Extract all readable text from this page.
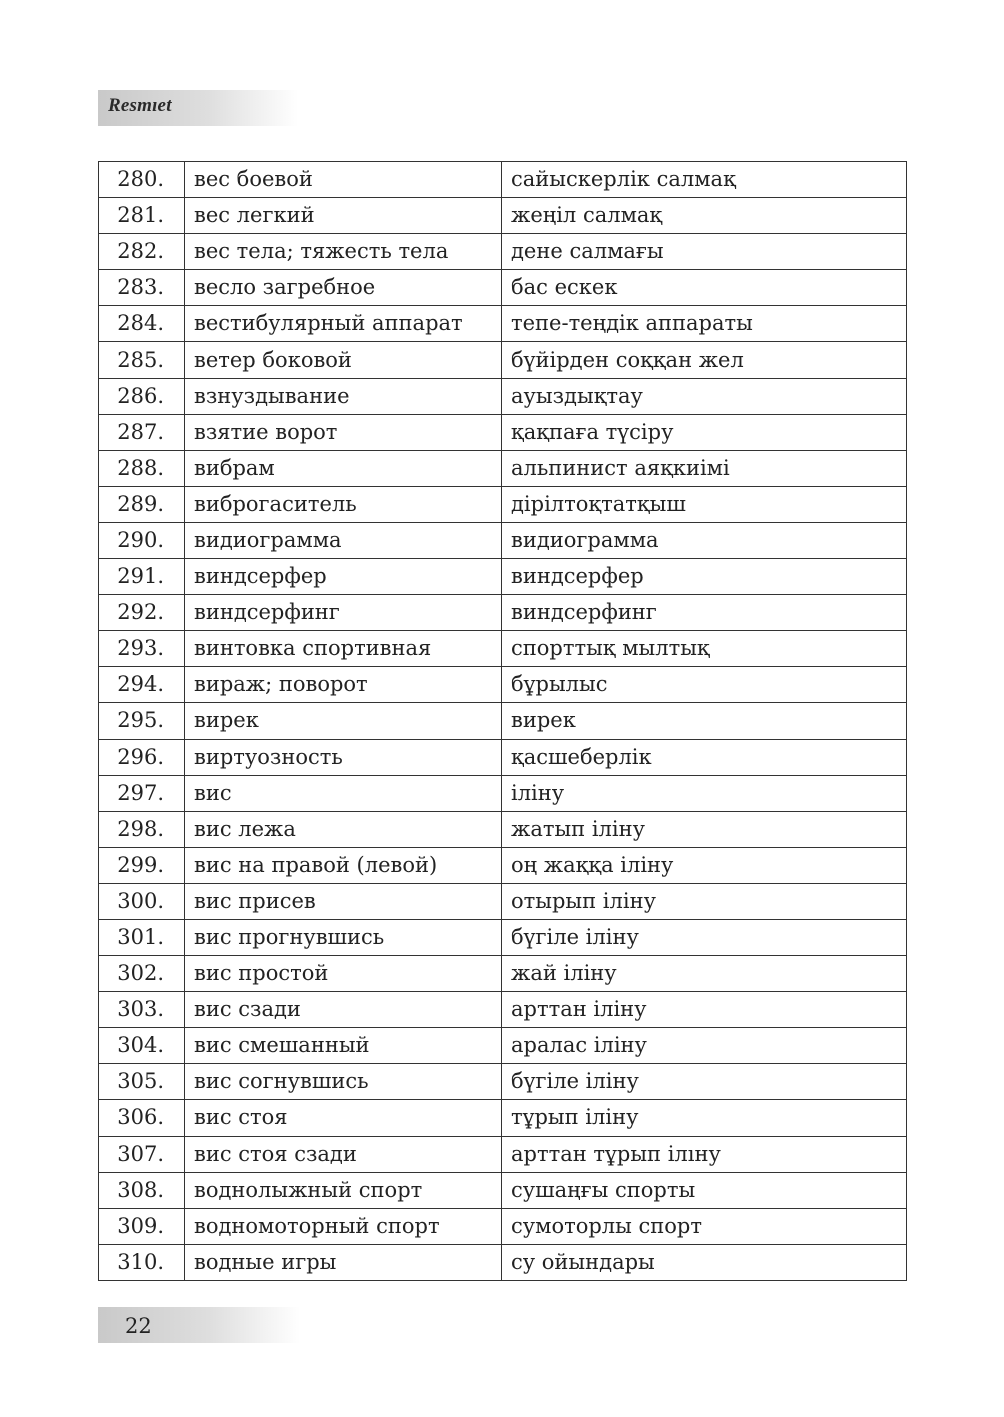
Resmıet
280.	вес боевой	сайыскерлік салмақ
281.	вес легкий	жеңіл салмақ
282.	вес тела; тяжесть тела	дене салмағы
283.	весло загребное	бас ескек
284.	вестибулярный аппарат	тепе-теңдік аппараты
285.	ветер боковой	бүйірден соққан жел
286.	взнуздывание	ауыздықтау
287.	взятие ворот	қақпаға түсіру
288.	вибрам	альпинист аяқкиімі
289.	виброгаситель	дірілтоқтатқыш
290.	видиограмма	видиограмма
291.	виндсерфер	виндсерфер
292.	виндсерфинг	виндсерфинг
293.	винтовка спортивная	спорттық мылтық
294.	вираж; поворот	бұрылыс
295.	вирек	вирек
296.	виртуозность	қасшеберлік
297.	вис	іліну
298.	вис лежа	жатып іліну
299.	вис на правой (левой)	оң жаққа іліну
300.	вис присев	отырып іліну
301.	вис прогнувшись	бүгіле іліну
302.	вис простой	жай іліну
303.	вис сзади	арттан іліну
304.	вис смешанный	аралас іліну
305.	вис согнувшись	бүгіле іліну
306.	вис стоя	тұрып іліну
307.	вис стоя сзади	арттан тұрып ілıну
308.	воднолыжный спорт	сушаңғы спорты
309.	водномоторный спорт	сумоторлы спорт
310.	водные игры	су ойындары
22
